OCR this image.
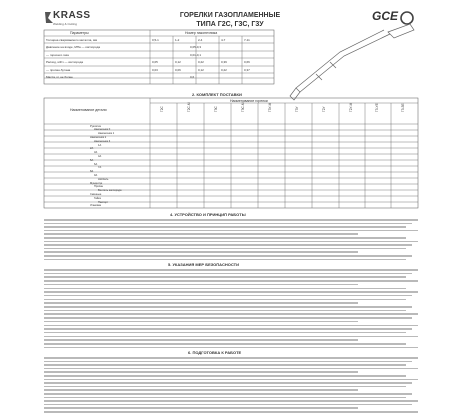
KRASS
Welding & Cutting
ГОРЕЛКИ ГАЗОПЛАМЕННЫЕ
ТИПА Г2С, Г3С, Г3У
GCE
Параметры	Номер наконечника
Толщина свариваемого металла, мм	0,5-1	1-2	2-4	4-7	7-11
Давление на входе, МПа — кислорода	0,05-0,3
— горючего газа	0,01-0,1
Расход, м3/ч — кислорода	0,05	0,12	0,22	0,39	0,66
— пропан-бутана	0,03	0,06	0,12	0,22	0,37
Масса, кг, не более	0,6
2. КОМПЛЕКТ ПОСТАВКИ
Наименование детали
Наименование горелки
Г2С	Г2С-М	Г3С	Г3С-М	Г3У-М	Г3У	Г2У	Г2У-М	Г3-УЕ	Г3-ЗЕ
Рукоятка
Наконечник 0
Наконечник 1
Наконечник 2
Наконечник 3
1А
2А
3А
4А
5А
6А
7А
8А
9А
Ниппель
Мундштук
Пропан
Вентиль кислорода
Сменные
Гайка
Паспорт
Упаковка
4. УСТРОЙСТВО И ПРИНЦИП РАБОТЫ
5. УКАЗАНИЯ МЕР БЕЗОПАСНОСТИ
6. ПОДГОТОВКА К РАБОТЕ
